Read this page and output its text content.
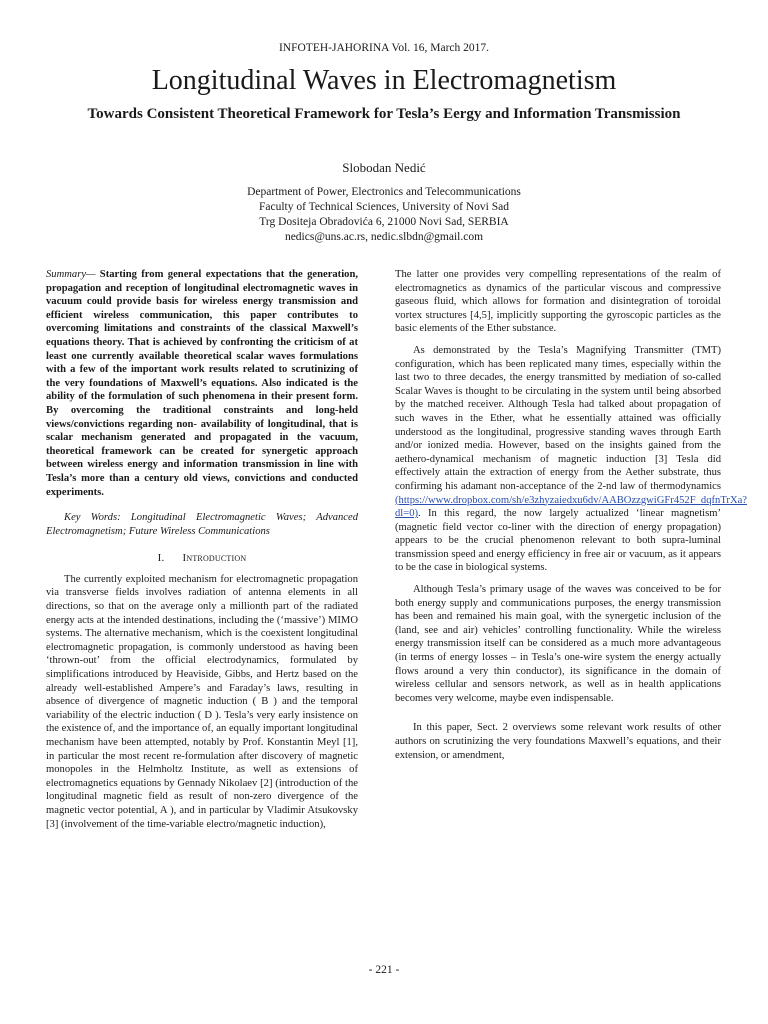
INFOTEH-JAHORINA Vol. 16, March 2017.
Longitudinal Waves in Electromagnetism
Towards Consistent Theoretical Framework for Tesla’s Eergy and Information Transmission
Slobodan Nedić
Department of Power, Electronics and Telecommunications
Faculty of Technical Sciences, University of Novi Sad
Trg Dositeja Obradovića 6, 21000 Novi Sad, SERBIA
nedics@uns.ac.rs, nedic.slbdn@gmail.com

Summary— Starting from general expectations that the generation, propagation and reception of longitudinal electromagnetic waves in vacuum could provide basis for wireless energy transmission and efficient wireless communication, this paper contributes to overcoming limitations and constraints of the classical Maxwell’s equations theory. That is achieved by confronting the criticism of at least one currently available theoretical scalar waves formulations with a few of the important work results related to scrutinizing of the very foundations of Maxwell’s equations. Also indicated is the ability of the formulation of such phenomena in their present form. By overcoming the traditional constraints and long-held views/convictions regarding non- availability of longitudinal, that is scalar mechanism generated and propagated in the vacuum, theoretical framework can be created for synergetic approach between wireless energy and information transmission in line with Tesla’s more than a century old views, convictions and conducted experiments.

Key Words: Longitudinal Electromagnetic Waves; Advanced Electromagnetism; Future Wireless Communications

I. Introduction

The currently exploited mechanism for electromagnetic propagation via transverse fields involves radiation of antenna elements in all directions, so that on the average only a millionth part of the radiated energy acts at the intended destinations, including the (‘massive’) MIMO systems. The alternative mechanism, which is the coexistent longitudinal electromagnetic propagation, is commonly understood as having been ‘thrown-out’ from the official electrodynamics, formulated by simplifications introduced by Heaviside, Gibbs, and Hertz based on the already well-established Ampere’s and Faraday’s laws, resulting in absence of divergence of magnetic induction ( B ) and the temporal variability of the electric induction ( D ). Tesla’s very early insistence on the existence of, and the importance of, an equally important longitudinal mechanism have been attempted, notably by Prof. Konstantin Meyl [1], in particular the most recent re-formulation after discovery of magnetic monopoles in the Helmholtz Institute, as well as extensions of electromagnetics equations by Gennady Nikolaev [2] (introduction of the longitudinal magnetic field as result of non-zero divergence of the magnetic vector potential, A ), and in particular by Vladimir Atsukovsky [3] (involvement of the time-variable electro/magnetic induction),

The latter one provides very compelling representations of the realm of electromagnetics as dynamics of the particular viscous and compressive gaseous fluid, which allows for formation and disintegration of toroidal vortex structures [4,5], implicitly supporting the gyroscopic particles as the basic elements of the Ether substance.

As demonstrated by the Tesla’s Magnifying Transmitter (TMT) configuration, which has been replicated many times, especially within the last two to three decades, the energy transmitted by mediation of so-called Scalar Waves is thought to be circulating in the system until being absorbed by the matched receiver. Although Tesla had talked about propagation of such waves in the Ether, what he essentially attained was officially understood as the longitudinal, progressive standing waves through Earth and/or ionized media. However, based on the insights gained from the aethero-dynamical mechanism of magnetic induction [3] Tesla did effectively attain the extraction of energy from the Aether substrate, thus confirming his adamant non-acceptance of the 2-nd law of thermodynamics (https://www.dropbox.com/sh/e3zhyzaiedxu6dv/AABOzzgwiGFr452F_dqfnTrXa?dl=0). In this regard, the now largely actualized ‘linear magnetism’ (magnetic field vector co-liner with the direction of energy propagation) appears to be the crucial phenomenon relevant to both supra-luminal transmission speed and energy efficiency in free air or vacuum, as it appears to be the case in biological systems.

Although Tesla’s primary usage of the waves was conceived to be for both energy supply and communications purposes, the energy transmission has been and remained his main goal, with the synergetic inclusion of the (land, see and air) vehicles’ controlling functionality. While the wireless energy transmission itself can be considered as a much more advantageous (in terms of energy losses – in Tesla’s one-wire system the energy actually flows around a very thin conductor), its significance in the domain of wireless cellular and sensors network, as well as in health applications becomes very welcome, maybe even indispensable.

In this paper, Sect. 2 overviews some relevant work results of other authors on scrutinizing the very foundations Maxwell’s equations, and their extension, or amendment,

- 221 -
